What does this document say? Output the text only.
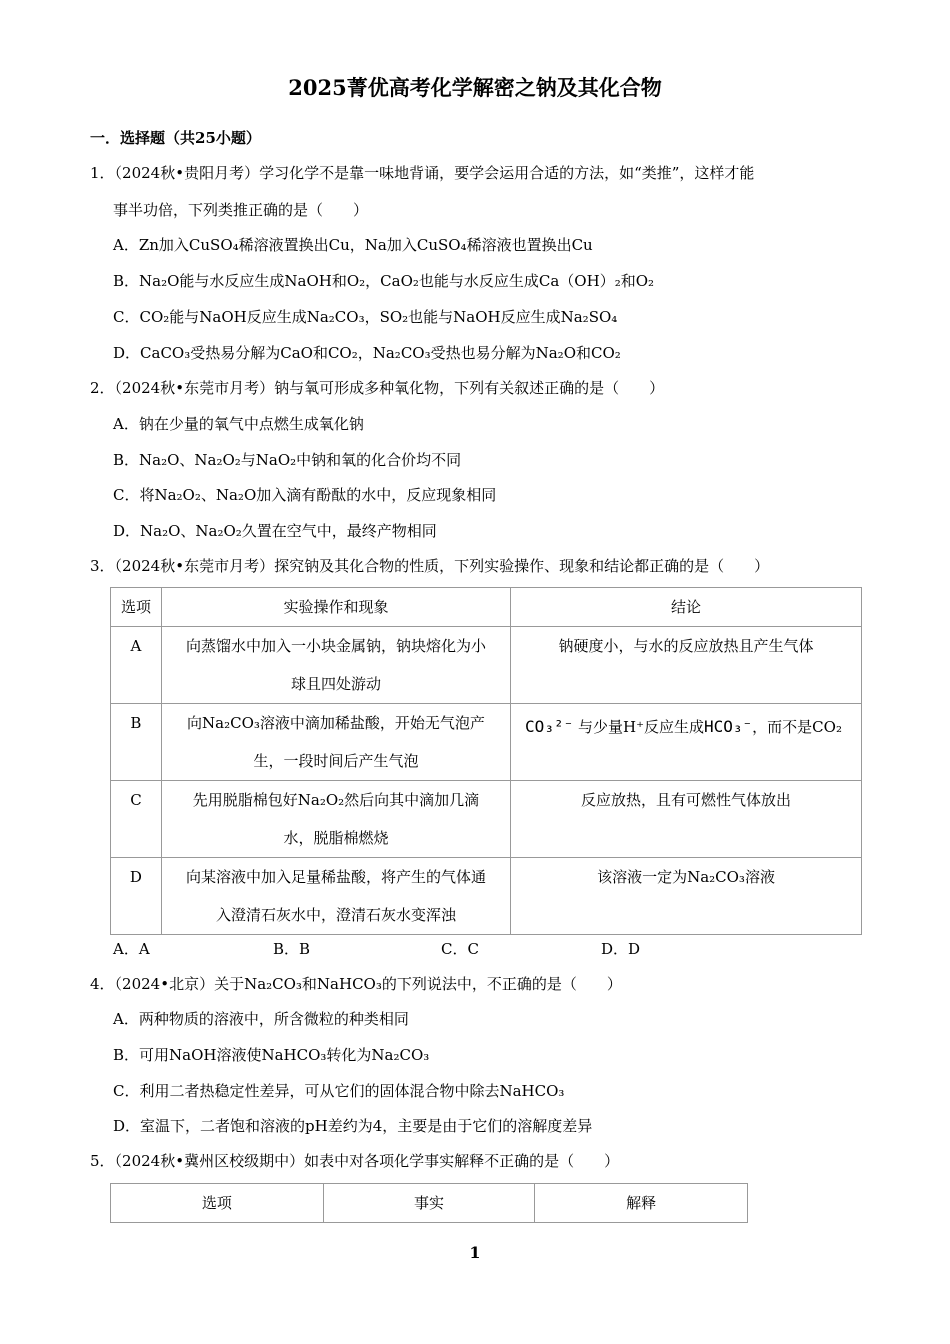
2025菁优高考化学解密之钠及其化合物
一．选择题（共25小题）
1．（2024秋•贵阳月考）学习化学不是靠一味地背诵，要学会运用合适的方法，如“类推”，这样才能
事半功倍，下列类推正确的是（　　）
A．Zn加入CuSO₄稀溶液置换出Cu，Na加入CuSO₄稀溶液也置换出Cu
B．Na₂O能与水反应生成NaOH和O₂，CaO₂也能与水反应生成Ca（OH）₂和O₂
C．CO₂能与NaOH反应生成Na₂CO₃，SO₂也能与NaOH反应生成Na₂SO₄
D．CaCO₃受热易分解为CaO和CO₂，Na₂CO₃受热也易分解为Na₂O和CO₂
2．（2024秋•东莞市月考）钠与氧可形成多种氧化物，下列有关叙述正确的是（　　）
A．钠在少量的氧气中点燃生成氧化钠
B．Na₂O、Na₂O₂与NaO₂中钠和氧的化合价均不同
C．将Na₂O₂、Na₂O加入滴有酚酞的水中，反应现象相同
D．Na₂O、Na₂O₂久置在空气中，最终产物相同
3．（2024秋•东莞市月考）探究钠及其化合物的性质，下列实验操作、现象和结论都正确的是（　　）
选项	实验操作和现象	结论

A	向蒸馏水中加入一小块金属钠，钠块熔化为小
球且四处游动	钠硬度小，与水的反应放热且产生气体

B	向Na₂CO₃溶液中滴加稀盐酸，开始无气泡产
生，一段时间后产生气泡	CO₃²⁻ 与少量H⁺反应生成HCO₃⁻，而不是CO₂

C	先用脱脂棉包好Na₂O₂然后向其中滴加几滴
水，脱脂棉燃烧	反应放热，且有可燃性气体放出

D	向某溶液中加入足量稀盐酸，将产生的气体通
入澄清石灰水中，澄清石灰水变浑浊	该溶液一定为Na₂CO₃溶液
A．A	B．B	C．C	D．D
4．（2024•北京）关于Na₂CO₃和NaHCO₃的下列说法中，不正确的是（　　）
A．两种物质的溶液中，所含微粒的种类相同
B．可用NaOH溶液使NaHCO₃转化为Na₂CO₃
C．利用二者热稳定性差异，可从它们的固体混合物中除去NaHCO₃
D．室温下，二者饱和溶液的pH差约为4，主要是由于它们的溶解度差异
5．（2024秋•冀州区校级期中）如表中对各项化学事实解释不正确的是（　　）
选项	事实	解释
1
